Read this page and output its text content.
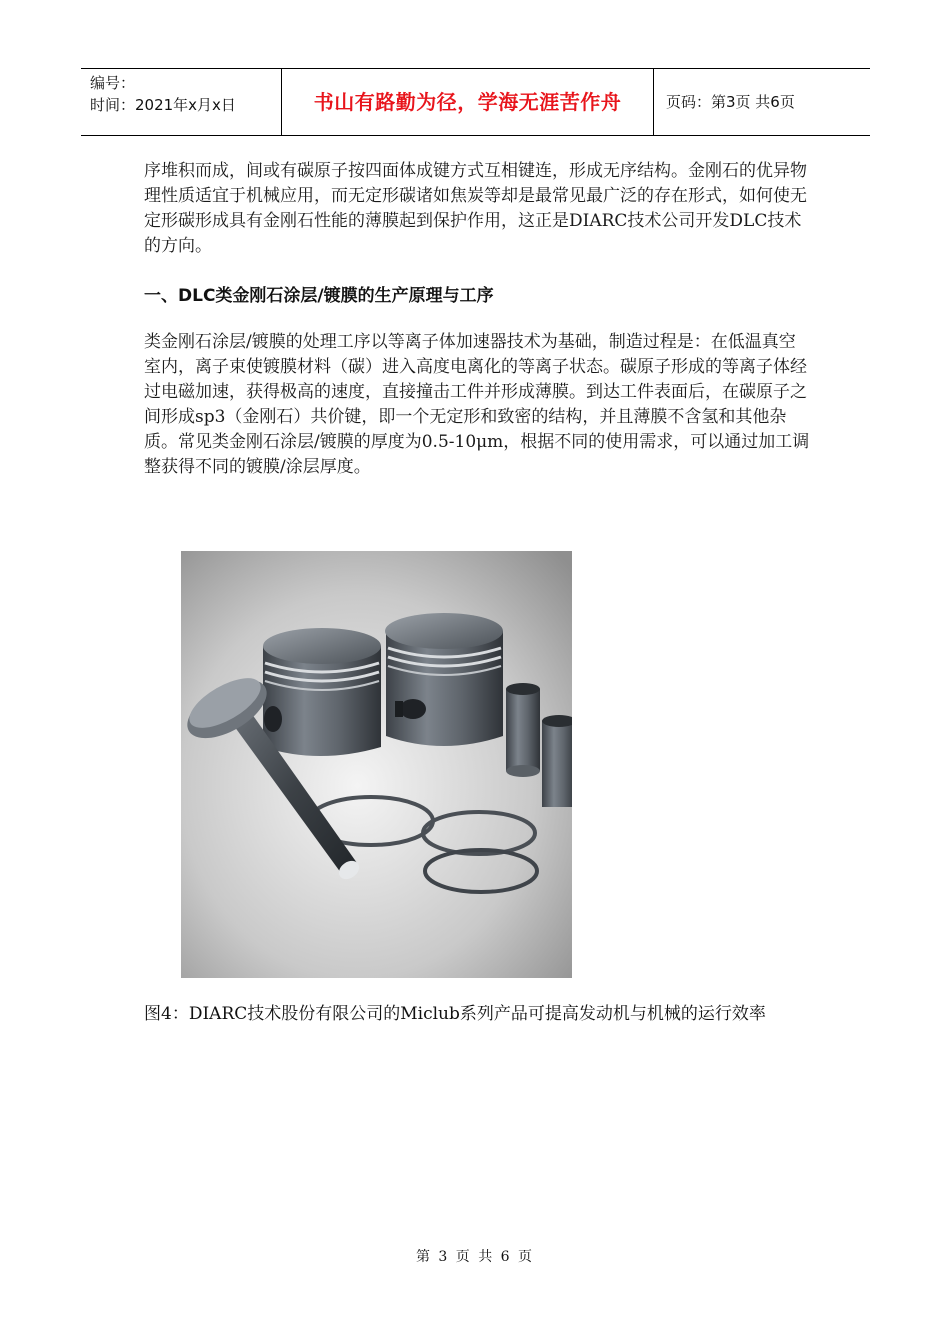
编号：
时间：2021年x月x日	书山有路勤为径，学海无涯苦作舟	页码：第3页 共6页

序堆积而成，间或有碳原子按四面体成键方式互相键连，形成无序结构。金刚石的优异物理性质适宜于机械应用，而无定形碳诸如焦炭等却是最常见最广泛的存在形式，如何使无定形碳形成具有金刚石性能的薄膜起到保护作用，这正是DIARC技术公司开发DLC技术的方向。

一、DLC类金刚石涂层/镀膜的生产原理与工序

类金刚石涂层/镀膜的处理工序以等离子体加速器技术为基础，制造过程是：在低温真空室内，离子束使镀膜材料（碳）进入高度电离化的等离子状态。碳原子形成的等离子体经过电磁加速，获得极高的速度，直接撞击工件并形成薄膜。到达工件表面后，在碳原子之间形成sp3（金刚石）共价键，即一个无定形和致密的结构，并且薄膜不含氢和其他杂质。常见类金刚石涂层/镀膜的厚度为0.5-10μm，根据不同的使用需求，可以通过加工调整获得不同的镀膜/涂层厚度。

图4：DIARC技术股份有限公司的Miclub系列产品可提高发动机与机械的运行效率

第 3 页 共 6 页
